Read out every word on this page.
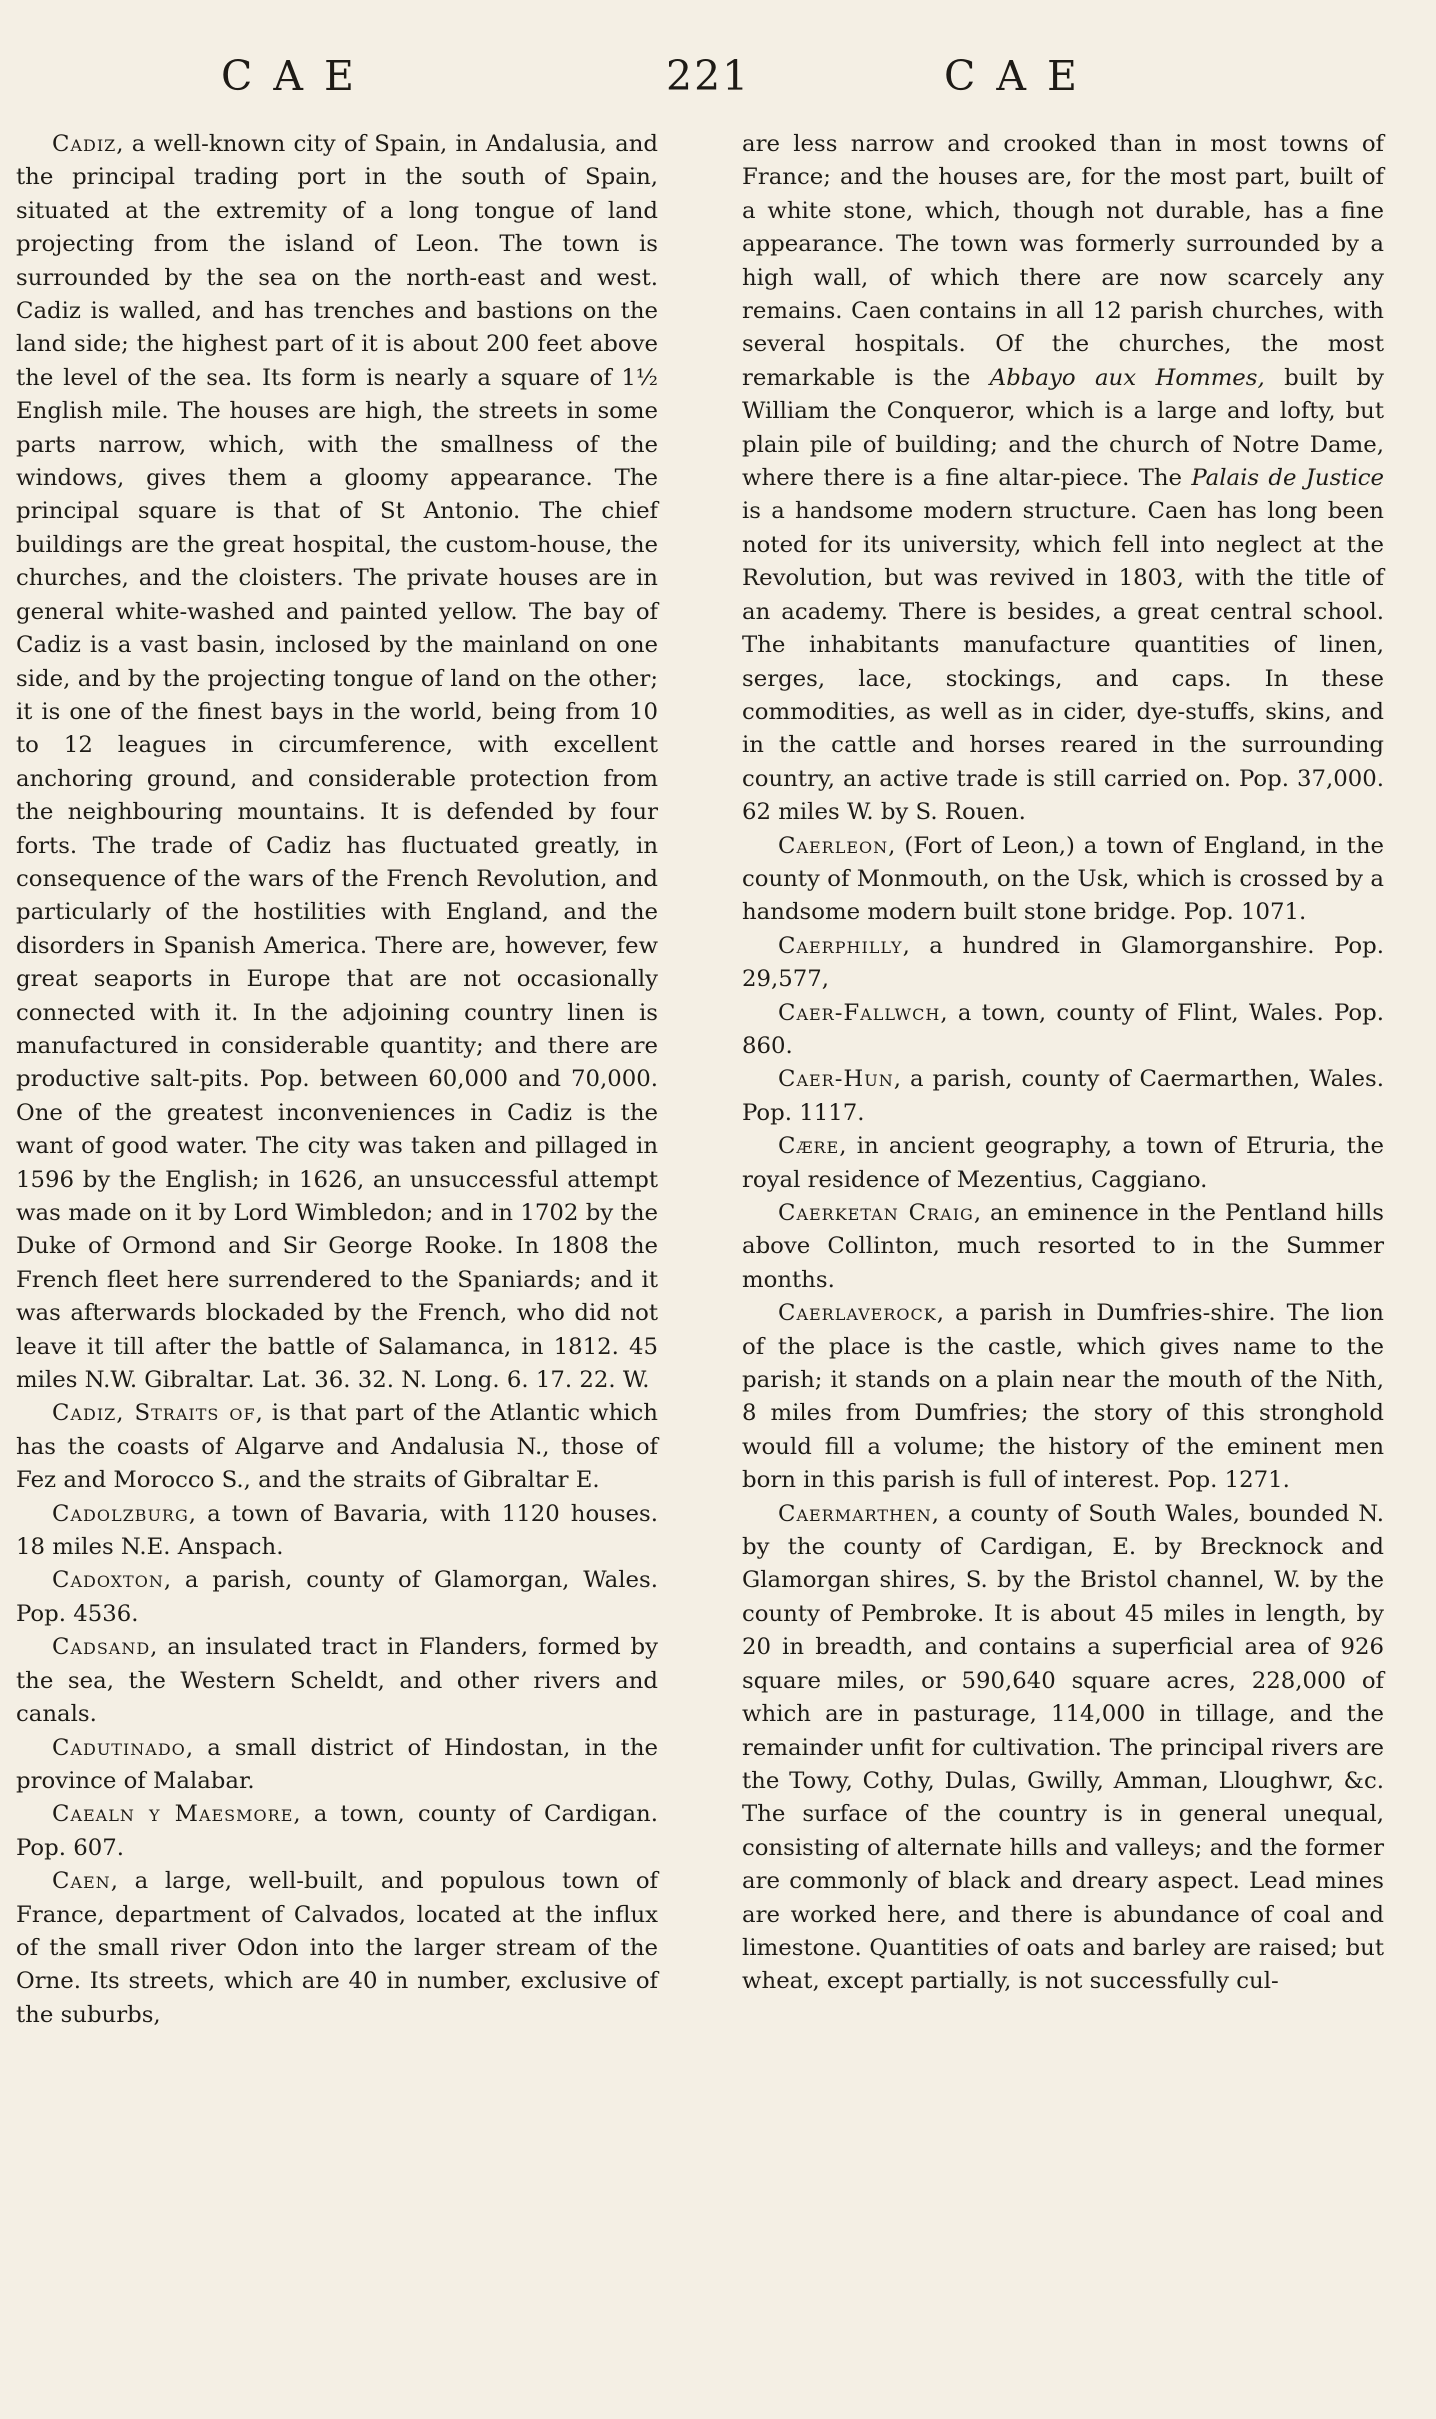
CAE	221	CAE

Cadiz, a well-known city of Spain, in Andalusia, and the principal trading port in the south of Spain, situated at the extremity of a long tongue of land projecting from the island of Leon. The town is surrounded by the sea on the north-east and west. Cadiz is walled, and has trenches and bastions on the land side; the highest part of it is about 200 feet above the level of the sea. Its form is nearly a square of 1½ English mile. The houses are high, the streets in some parts narrow, which, with the smallness of the windows, gives them a gloomy appearance. The principal square is that of St Antonio. The chief buildings are the great hospital, the custom-house, the churches, and the cloisters. The private houses are in general white-washed and painted yellow. The bay of Cadiz is a vast basin, inclosed by the mainland on one side, and by the projecting tongue of land on the other; it is one of the finest bays in the world, being from 10 to 12 leagues in circumference, with excellent anchoring ground, and considerable protection from the neighbouring mountains. It is defended by four forts. The trade of Cadiz has fluctuated greatly, in consequence of the wars of the French Revolution, and particularly of the hostilities with England, and the disorders in Spanish America. There are, however, few great seaports in Europe that are not occasionally connected with it. In the adjoining country linen is manufactured in considerable quantity; and there are productive salt-pits. Pop. between 60,000 and 70,000. One of the greatest inconveniences in Cadiz is the want of good water. The city was taken and pillaged in 1596 by the English; in 1626, an unsuccessful attempt was made on it by Lord Wimbledon; and in 1702 by the Duke of Ormond and Sir George Rooke. In 1808 the French fleet here surrendered to the Spaniards; and it was afterwards blockaded by the French, who did not leave it till after the battle of Salamanca, in 1812. 45 miles N.W. Gibraltar. Lat. 36. 32. N. Long. 6. 17. 22. W.

Cadiz, Straits of, is that part of the Atlantic which has the coasts of Algarve and Andalusia N., those of Fez and Morocco S., and the straits of Gibraltar E.

Cadolzburg, a town of Bavaria, with 1120 houses. 18 miles N.E. Anspach.

Cadoxton, a parish, county of Glamorgan, Wales. Pop. 4536.

Cadsand, an insulated tract in Flanders, formed by the sea, the Western Scheldt, and other rivers and canals.

Cadutinado, a small district of Hindostan, in the province of Malabar.

Caealn y Maesmore, a town, county of Cardigan. Pop. 607.

Caen, a large, well-built, and populous town of France, department of Calvados, located at the influx of the small river Odon into the larger stream of the Orne. Its streets, which are 40 in number, exclusive of the suburbs,

are less narrow and crooked than in most towns of France; and the houses are, for the most part, built of a white stone, which, though not durable, has a fine appearance. The town was formerly surrounded by a high wall, of which there are now scarcely any remains. Caen contains in all 12 parish churches, with several hospitals. Of the churches, the most remarkable is the Abbayo aux Hommes, built by William the Conqueror, which is a large and lofty, but plain pile of building; and the church of Notre Dame, where there is a fine altar-piece. The Palais de Justice is a handsome modern structure. Caen has long been noted for its university, which fell into neglect at the Revolution, but was revived in 1803, with the title of an academy. There is besides, a great central school. The inhabitants manufacture quantities of linen, serges, lace, stockings, and caps. In these commodities, as well as in cider, dye-stuffs, skins, and in the cattle and horses reared in the surrounding country, an active trade is still carried on. Pop. 37,000. 62 miles W. by S. Rouen.

Caerleon, (Fort of Leon,) a town of England, in the county of Monmouth, on the Usk, which is crossed by a handsome modern built stone bridge. Pop. 1071.

Caerphilly, a hundred in Glamorganshire. Pop. 29,577,

Caer-Fallwch, a town, county of Flint, Wales. Pop. 860.

Caer-Hun, a parish, county of Caermarthen, Wales. Pop. 1117.

Cære, in ancient geography, a town of Etruria, the royal residence of Mezentius, Caggiano.

Caerketan Craig, an eminence in the Pentland hills above Collinton, much resorted to in the Summer months.

Caerlaverock, a parish in Dumfries-shire. The lion of the place is the castle, which gives name to the parish; it stands on a plain near the mouth of the Nith, 8 miles from Dumfries; the story of this stronghold would fill a volume; the history of the eminent men born in this parish is full of interest. Pop. 1271.

Caermarthen, a county of South Wales, bounded N. by the county of Cardigan, E. by Brecknock and Glamorgan shires, S. by the Bristol channel, W. by the county of Pembroke. It is about 45 miles in length, by 20 in breadth, and contains a superficial area of 926 square miles, or 590,640 square acres, 228,000 of which are in pasturage, 114,000 in tillage, and the remainder unfit for cultivation. The principal rivers are the Towy, Cothy, Dulas, Gwilly, Amman, Lloughwr, &c. The surface of the country is in general unequal, consisting of alternate hills and valleys; and the former are commonly of black and dreary aspect. Lead mines are worked here, and there is abundance of coal and limestone. Quantities of oats and barley are raised; but wheat, except partially, is not successfully cul-
